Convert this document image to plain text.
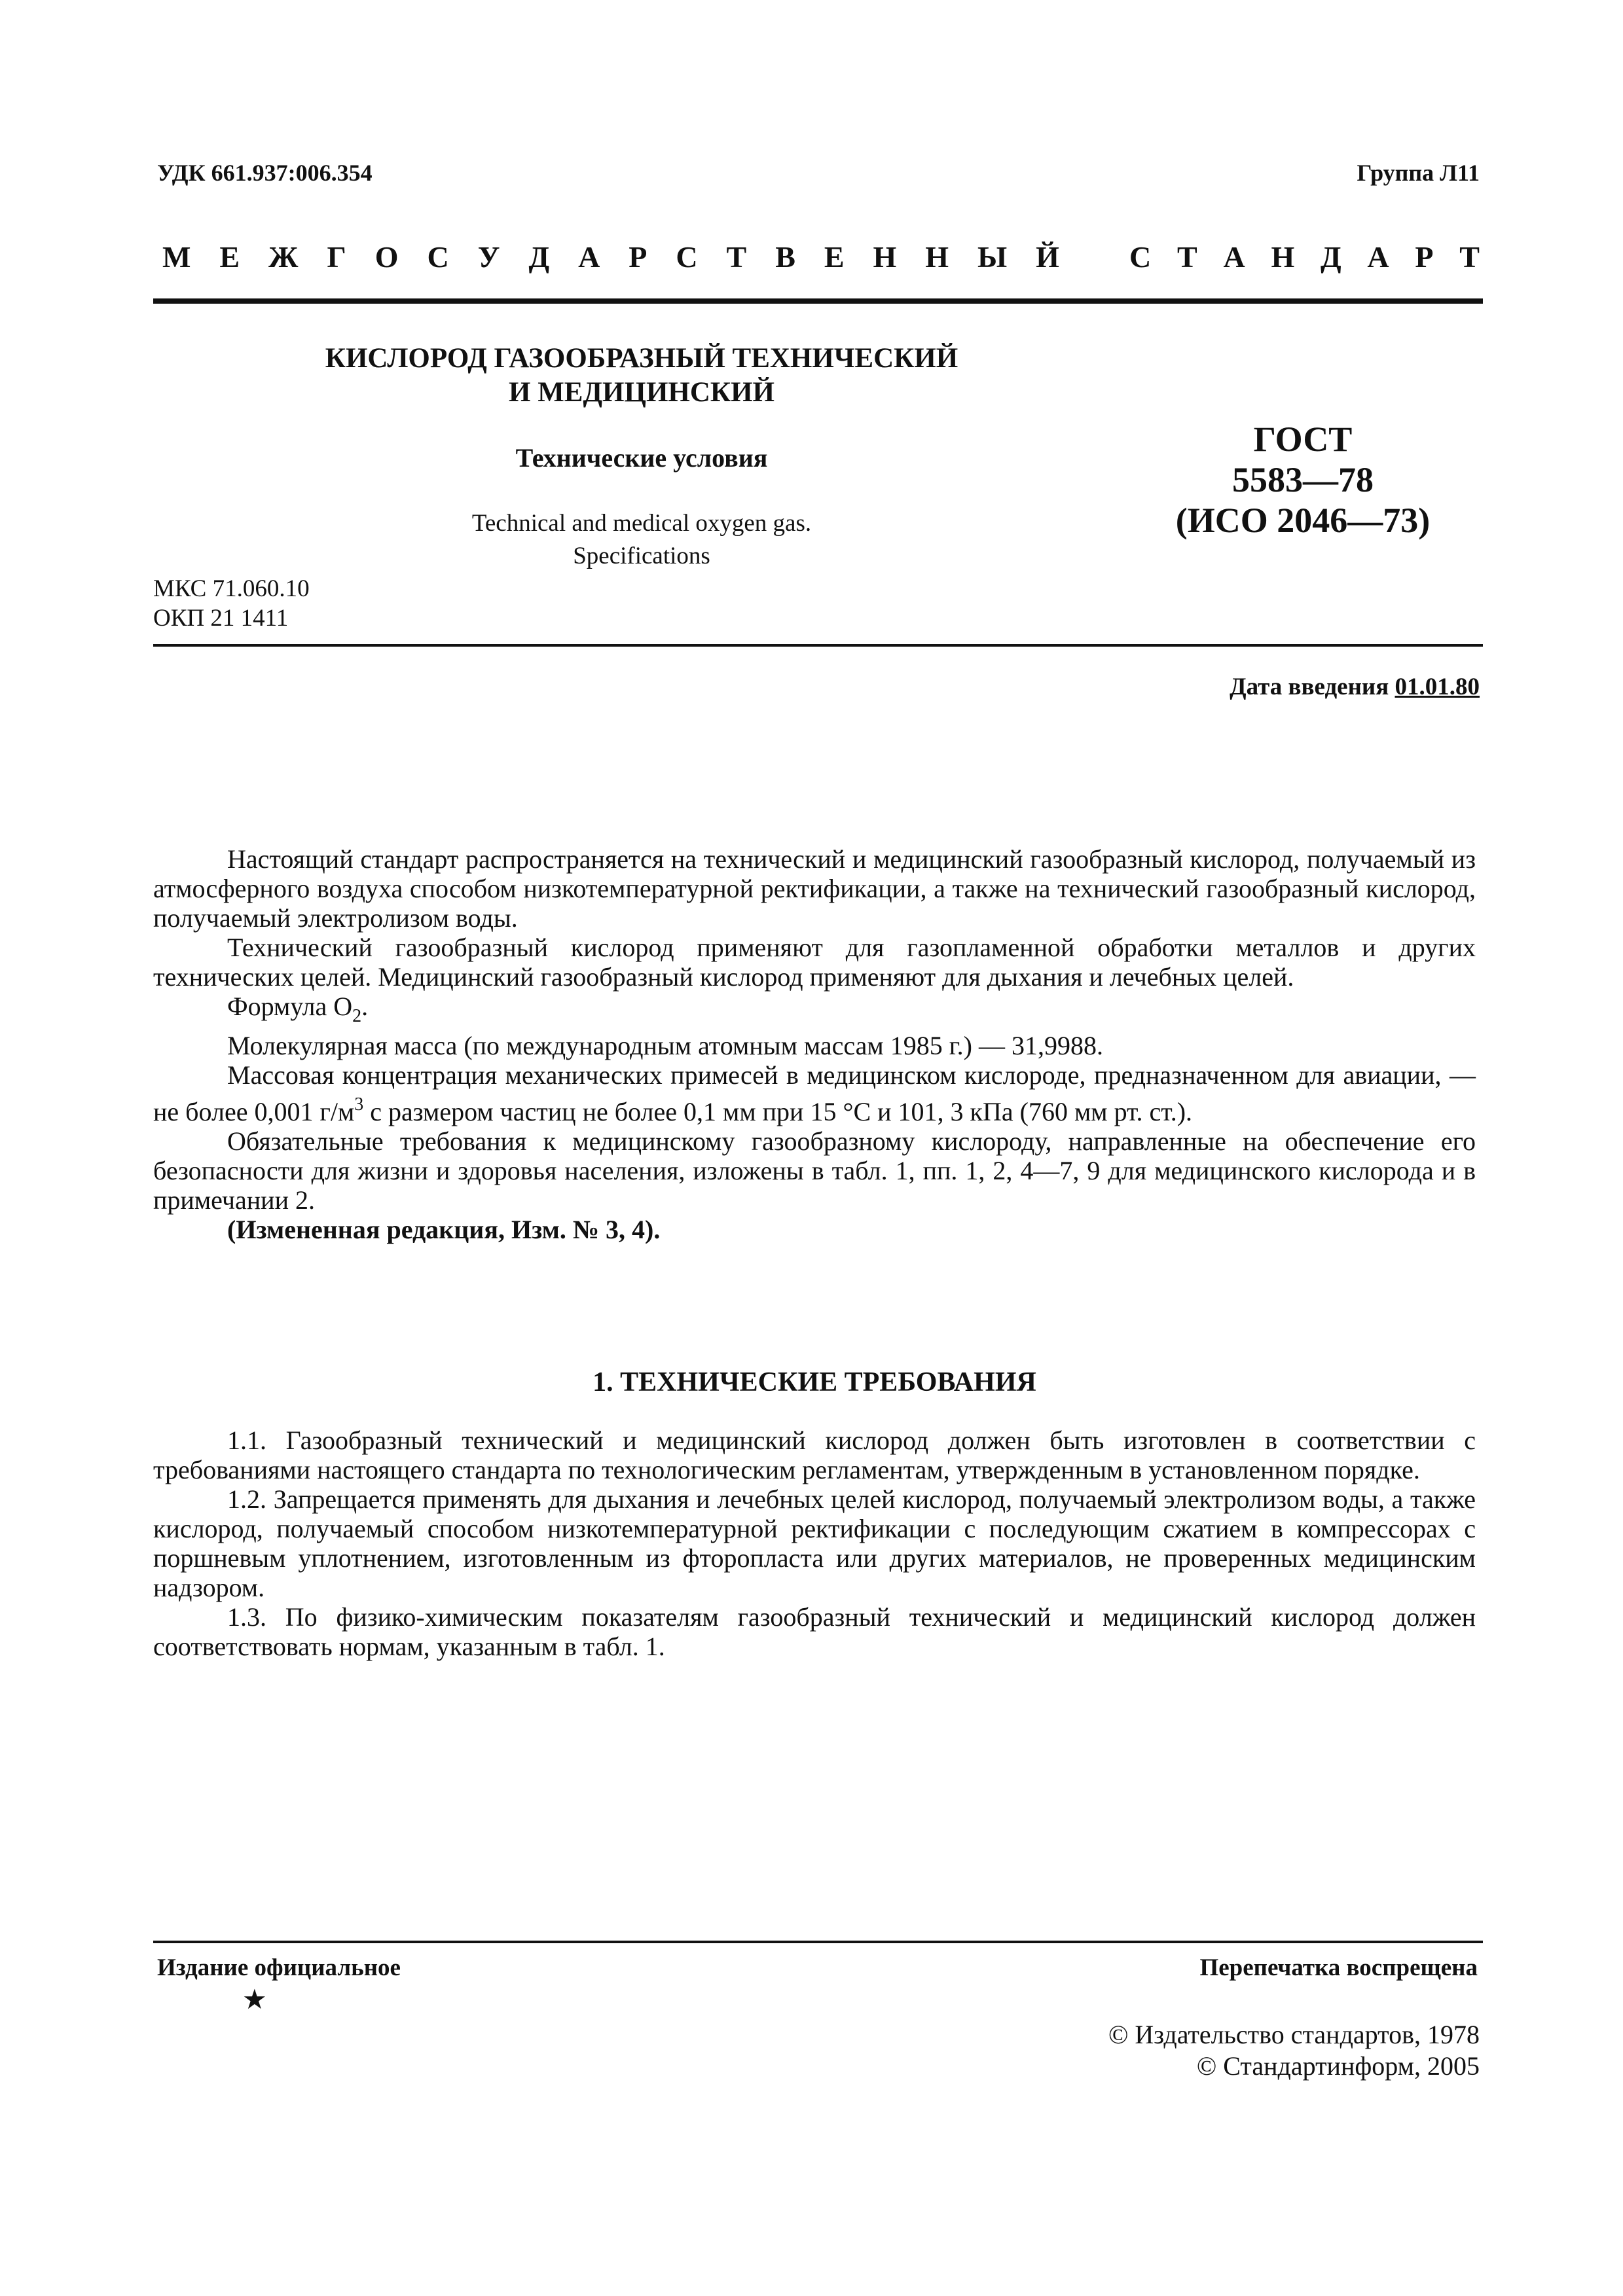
УДК 661.937:006.354	Группа Л11
М Е Ж Г О С У Д А Р С Т В Е Н Н Ы Й С Т А Н Д А Р Т
КИСЛОРОД ГАЗООБРАЗНЫЙ ТЕХНИЧЕСКИЙ
И МЕДИЦИНСКИЙ
Технические условия
Technical and medical oxygen gas.
Specifications
ГОСТ
5583—78
(ИСО 2046—73)
МКС 71.060.10
ОКП 21 1411
Дата введения 01.01.80

Настоящий стандарт распространяется на технический и медицинский газообразный кислород, получаемый из атмосферного воздуха способом низкотемпературной ректификации, а также на технический газообразный кислород, получаемый электролизом воды.

Технический газообразный кислород применяют для газопламенной обработки металлов и других технических целей. Медицинский газообразный кислород применяют для дыхания и лечебных целей.

Формула $O_2$.

Молекулярная масса (по международным атомным массам 1985 г.) — 31,9988.

Массовая концентрация механических примесей в медицинском кислороде, предназначенном для авиации, — не более 0,001 $г/м^3$ с размером частиц не более 0,1 мм при 15 °С и 101, 3 кПа (760 мм рт. ст.).

Обязательные требования к медицинскому газообразному кислороду, направленные на обеспечение его безопасности для жизни и здоровья населения, изложены в табл. 1, пп. 1, 2, 4—7, 9 для медицинского кислорода и в примечании 2.

(Измененная редакция, Изм. № 3, 4).

1. ТЕХНИЧЕСКИЕ ТРЕБОВАНИЯ

1.1. Газообразный технический и медицинский кислород должен быть изготовлен в соответствии с требованиями настоящего стандарта по технологическим регламентам, утвержденным в установленном порядке.

1.2. Запрещается применять для дыхания и лечебных целей кислород, получаемый электролизом воды, а также кислород, получаемый способом низкотемпературной ректификации с последующим сжатием в компрессорах с поршневым уплотнением, изготовленным из фторопласта или других материалов, не проверенных медицинским надзором.

1.3. По физико-химическим показателям газообразный технический и медицинский кислород должен соответствовать нормам, указанным в табл. 1.

Издание официальное
★
Перепечатка воспрещена
© Издательство стандартов, 1978
© Стандартинформ, 2005
